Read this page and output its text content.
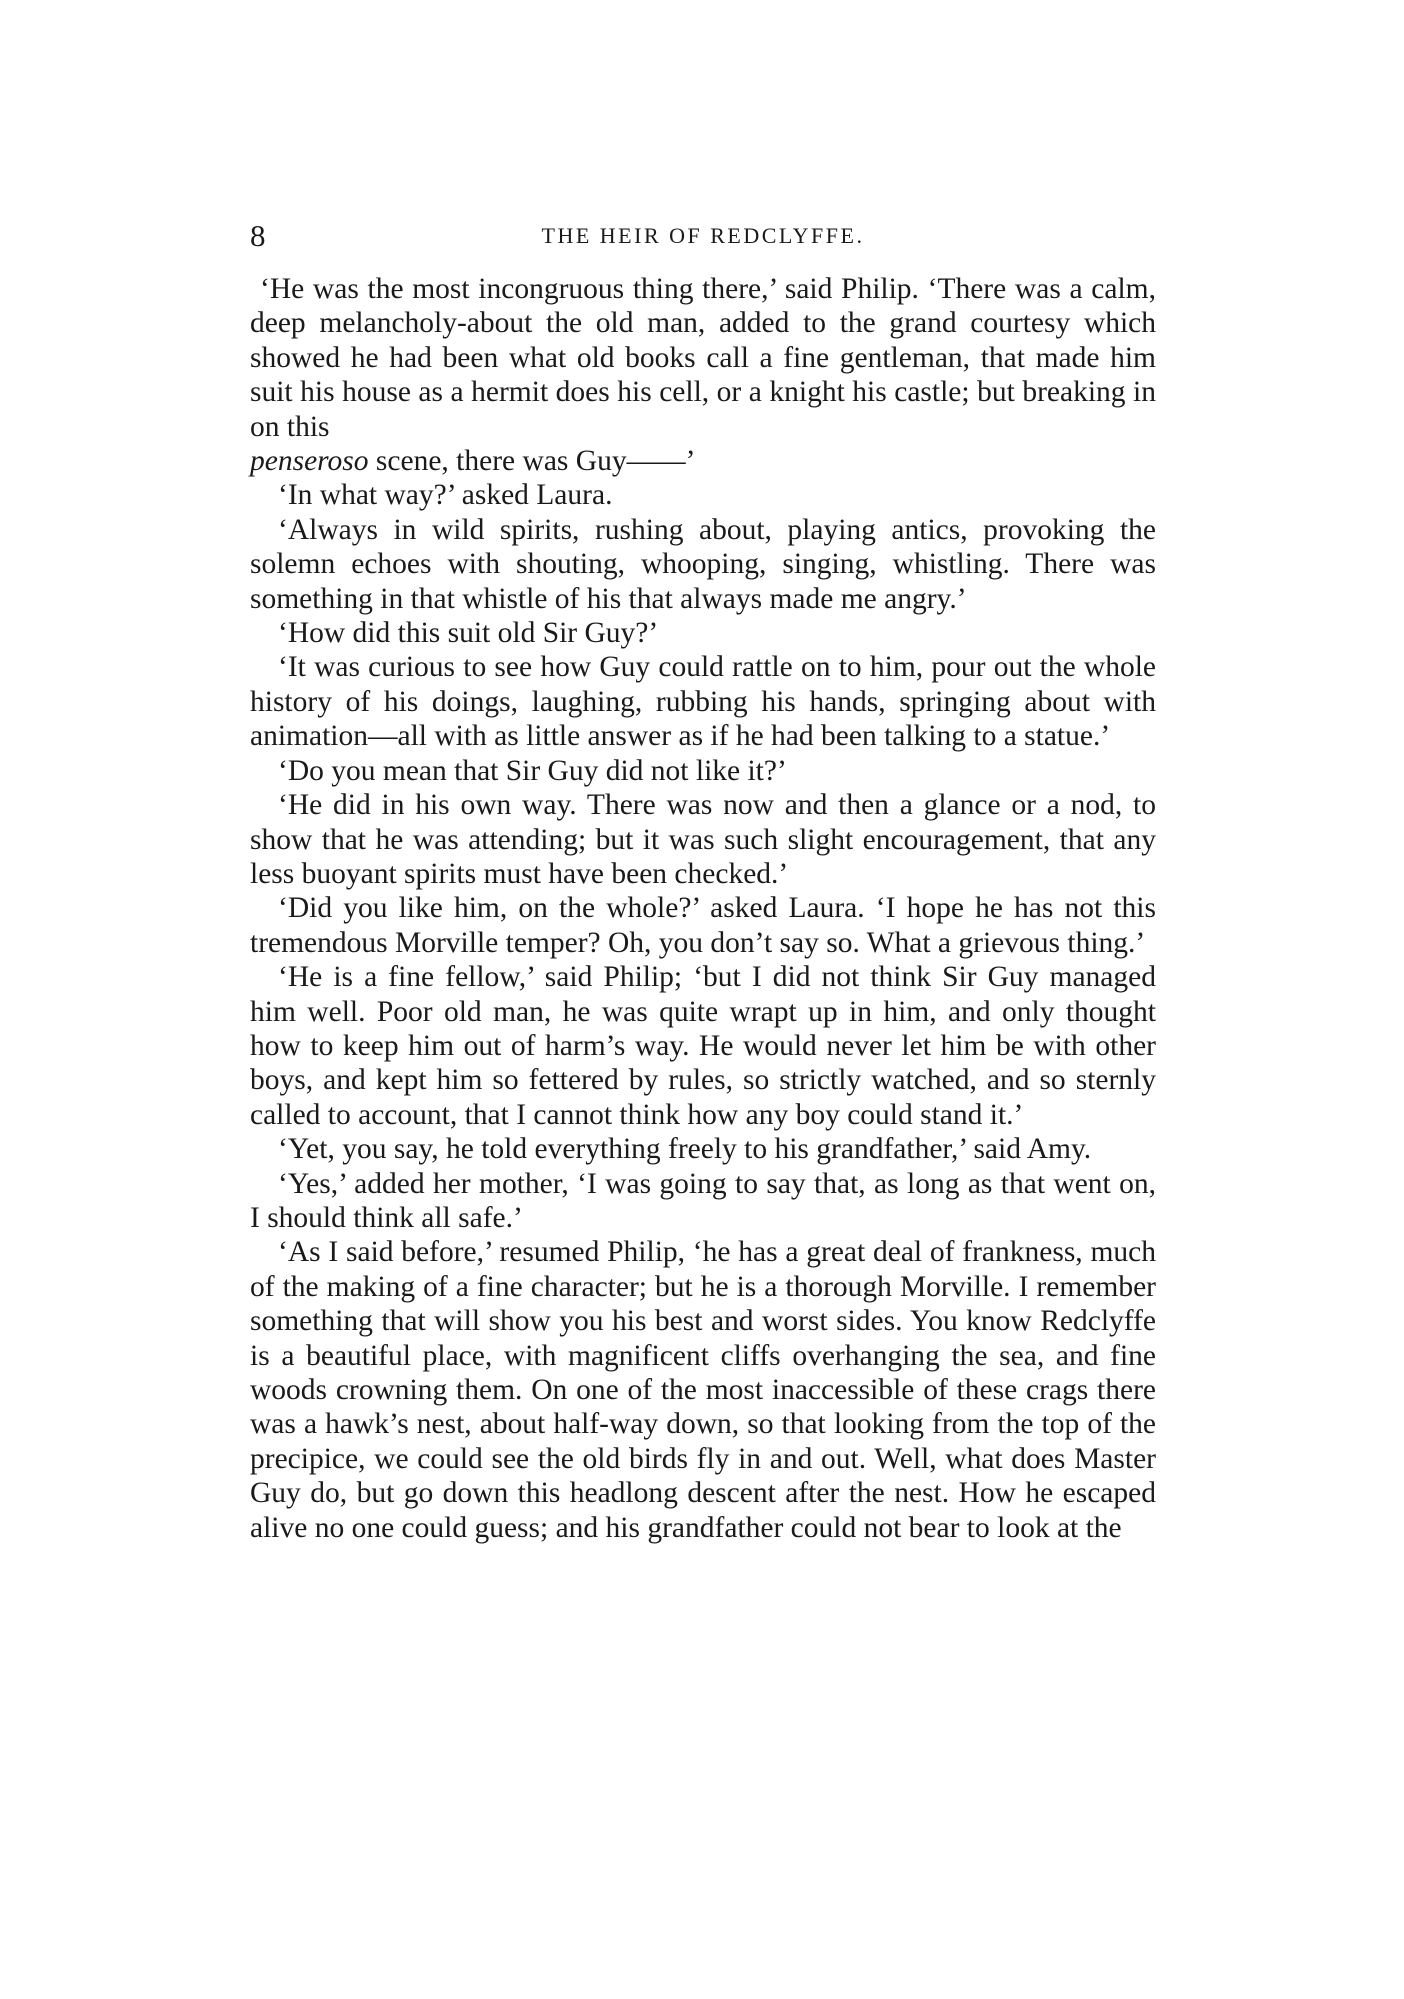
8	THE HEIR OF REDCLYFFE.

‘He was the most incongruous thing there,’ said Philip. ‘There was a calm, deep melancholy-about the old man, added to the grand courtesy which showed he had been what old books call a fine gentleman, that made him suit his house as a hermit does his cell, or a knight his castle; but breaking in on this

penseroso scene, there was Guy——’

‘In what way?’ asked Laura.

‘Always in wild spirits, rushing about, playing antics, provoking the solemn echoes with shouting, whooping, singing, whistling. There was something in that whistle of his that always made me angry.’

‘How did this suit old Sir Guy?’

‘It was curious to see how Guy could rattle on to him, pour out the whole history of his doings, laughing, rubbing his hands, springing about with animation—all with as little answer as if he had been talking to a statue.’

‘Do you mean that Sir Guy did not like it?’

‘He did in his own way. There was now and then a glance or a nod, to show that he was attending; but it was such slight encouragement, that any less buoyant spirits must have been checked.’

‘Did you like him, on the whole?’ asked Laura. ‘I hope he has not this tremendous Morville temper? Oh, you don’t say so. What a grievous thing.’

‘He is a fine fellow,’ said Philip; ‘but I did not think Sir Guy managed him well. Poor old man, he was quite wrapt up in him, and only thought how to keep him out of harm’s way. He would never let him be with other boys, and kept him so fettered by rules, so strictly watched, and so sternly called to account, that I cannot think how any boy could stand it.’

‘Yet, you say, he told everything freely to his grandfather,’ said Amy.

‘Yes,’ added her mother, ‘I was going to say that, as long as that went on, I should think all safe.’

‘As I said before,’ resumed Philip, ‘he has a great deal of frankness, much of the making of a fine character; but he is a thorough Morville. I remember something that will show you his best and worst sides. You know Redclyffe is a beautiful place, with magnificent cliffs overhanging the sea, and fine woods crowning them. On one of the most inaccessible of these crags there was a hawk’s nest, about half-way down, so that looking from the top of the precipice, we could see the old birds fly in and out. Well, what does Master Guy do, but go down this headlong descent after the nest. How he escaped alive no one could guess; and his grandfather could not bear to look at the
